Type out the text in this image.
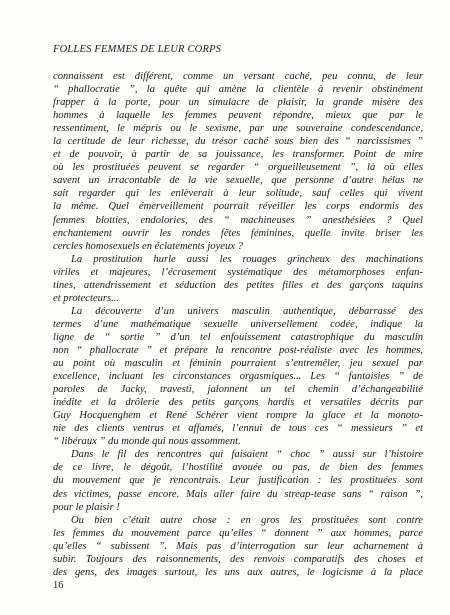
FOLLES FEMMES DE LEUR CORPS
connaissent est différent, comme un versant caché, peu connu, de leur
“ phallocratie ”, la quête qui amène la clientèle à revenir obstinément
frapper à la porte, pour un simulacre de plaisir, la grande misère des
hommes à laquelle les femmes peuvent répondre, mieux que par le
ressentiment, le mépris ou le sexisme, par une souveraine condescendance,
la certitude de leur richesse, du trésor caché sous bien des “ narcissismes ”
et de pouvoir, à partir de sa jouissance, les transformer. Point de mire
où les prostituées peuvent se regarder “ orgueilleusement ”, là où elles
savent un irracontable de la vie sexuelle, que personne d’autre hélas ne
sait regarder qui les enlèverait à leur solitude, sauf celles qui vivent
la même. Quel émerveillement pourrait réveiller les corps endormis des
femmes blotties, endolories, des “ machineuses ” anesthésiées ? Quel
enchantement ouvrir les rondes fêtes féminines, quelle invite briser les
cercles homosexuels en éclatements joyeux ?
La prostitution hurle aussi les rouages grincheux des machinations
viriles et majeures, l’écrasement systématique des métamorphoses enfan-
tines, attendrissement et séduction des petites filles et des garçons taquins
et protecteurs...
La découverte d’un univers masculin authentique, débarrassé des
termes d’une mathématique sexuelle universellement codée, indique la
ligne de “ sortie ” d’un tel enfouissement catastrophique du masculin
non “ phallocrate ” et prépare la rencontre post-réaliste avec les hommes,
au point où masculin et féminin pourraient s’entremêler, jeu sexuel par
excellence, incluant les circonstances orgasmiques... Les “ fantaisies ” de
paroles de Jacky, travesti, jalonnent un tel chemin d’échangeabilité
inédite et la drôlerie des petits garçons hardis et versatiles décrits par
Guy Hocquenghem et René Schérer vient rompre la glace et la monoto-
nie des clients ventrus et affamés, l’ennui de tous ces “ messieurs ” et
“ libéraux ” du monde qui nous assomment.
Dans le fil des rencontres qui faisaient “ choc ” aussi sur l’histoire
de ce livre, le dégoût, l’hostilité avouée ou pas, de bien des femmes
du mouvement que je rencontrais. Leur justification : les prostituées sont
des victimes, passe encore. Mais aller faire du streap-tease sans “ raison ”,
pour le plaisir !
Ou bien c’était autre chose : en gros les prostituées sont contre
les femmes du mouvement parce qu’elles “ donnent ” aux hommes, parce
qu’elles “ subissent ”. Mais pas d’interrogation sur leur acharnement à
subir. Toujours des raisonnements, des renvois comparatifs des choses et
des gens, des images surtout, les uns aux autres, le logicisme à la place
16
